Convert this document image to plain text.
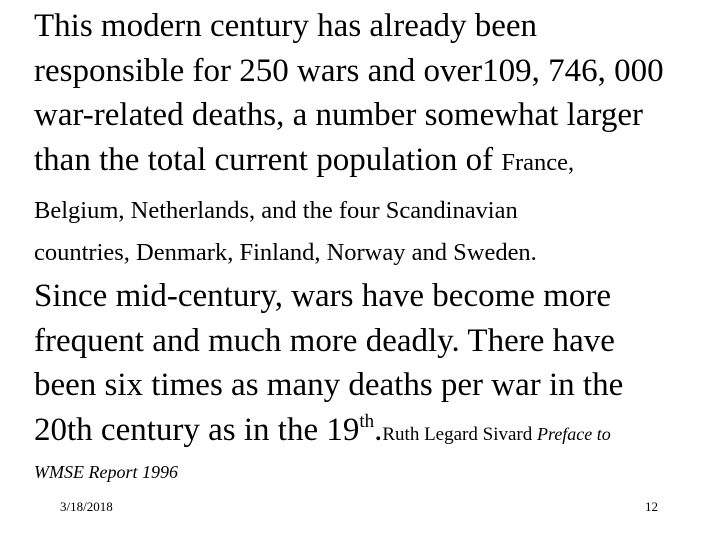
This modern century has already been
responsible for 250 wars and over109, 746, 000
war-related deaths, a number somewhat larger
than the total current population of France,
Belgium, Netherlands, and the four Scandinavian
countries, Denmark, Finland, Norway and Sweden.
Since mid-century, wars have become more
frequent and much more deadly. There have
been six times as many deaths per war in the
20th century as in the 19th.Ruth Legard Sivard Preface to
WMSE Report 1996
3/18/2018	12
